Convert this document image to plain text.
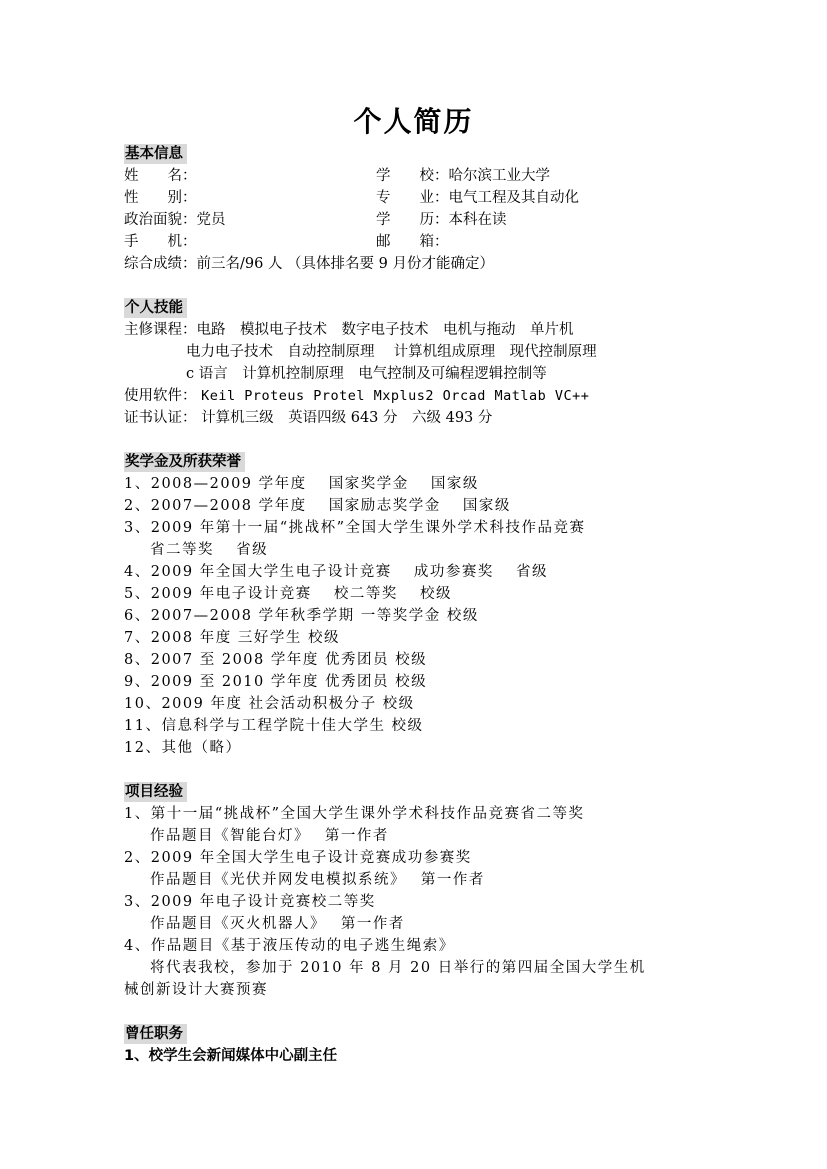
个人简历
基本信息
姓　　名：	学　　校：哈尔滨工业大学
性　　别：	专　　业：电气工程及其自动化
政治面貌：党员	学　　历：本科在读
手　　机：	邮　　箱：
综合成绩：前三名/96 人 （具体排名要 9 月份才能确定）
个人技能
主修课程：电路　模拟电子技术　数字电子技术　电机与拖动　单片机
电力电子技术　自动控制原理　 计算机组成原理　现代控制原理
c 语言　计算机控制原理　电气控制及可编程逻辑控制等
使用软件： Keil Proteus Protel Mxplus2 Orcad Matlab VC++
证书认证： 计算机三级　英语四级 643 分　六级 493 分
奖学金及所获荣誉
1、2008—2009 学年度　 国家奖学金　 国家级
2、2007—2008 学年度　 国家励志奖学金　 国家级
3、2009 年第十一届“挑战杯”全国大学生课外学术科技作品竞赛
省二等奖　 省级
4、2009 年全国大学生电子设计竞赛　 成功参赛奖　 省级
5、2009 年电子设计竞赛　 校二等奖　 校级
6、2007—2008 学年秋季学期 一等奖学金 校级
7、2008 年度 三好学生 校级
8、2007 至 2008 学年度 优秀团员 校级
9、2009 至 2010 学年度 优秀团员 校级
10、2009 年度 社会活动积极分子 校级
11、信息科学与工程学院十佳大学生 校级
12、其他（略）
项目经验
1、第十一届“挑战杯”全国大学生课外学术科技作品竞赛省二等奖
作品题目《智能台灯》　 第一作者
2、2009 年全国大学生电子设计竞赛成功参赛奖
作品题目《光伏并网发电模拟系统》　 第一作者
3、2009 年电子设计竞赛校二等奖
作品题目《灭火机器人》　 第一作者
4、作品题目《基于液压传动的电子逃生绳索》
将代表我校，参加于 2010 年 8 月 20 日举行的第四届全国大学生机
械创新设计大赛预赛
曾任职务
1、校学生会新闻媒体中心副主任
